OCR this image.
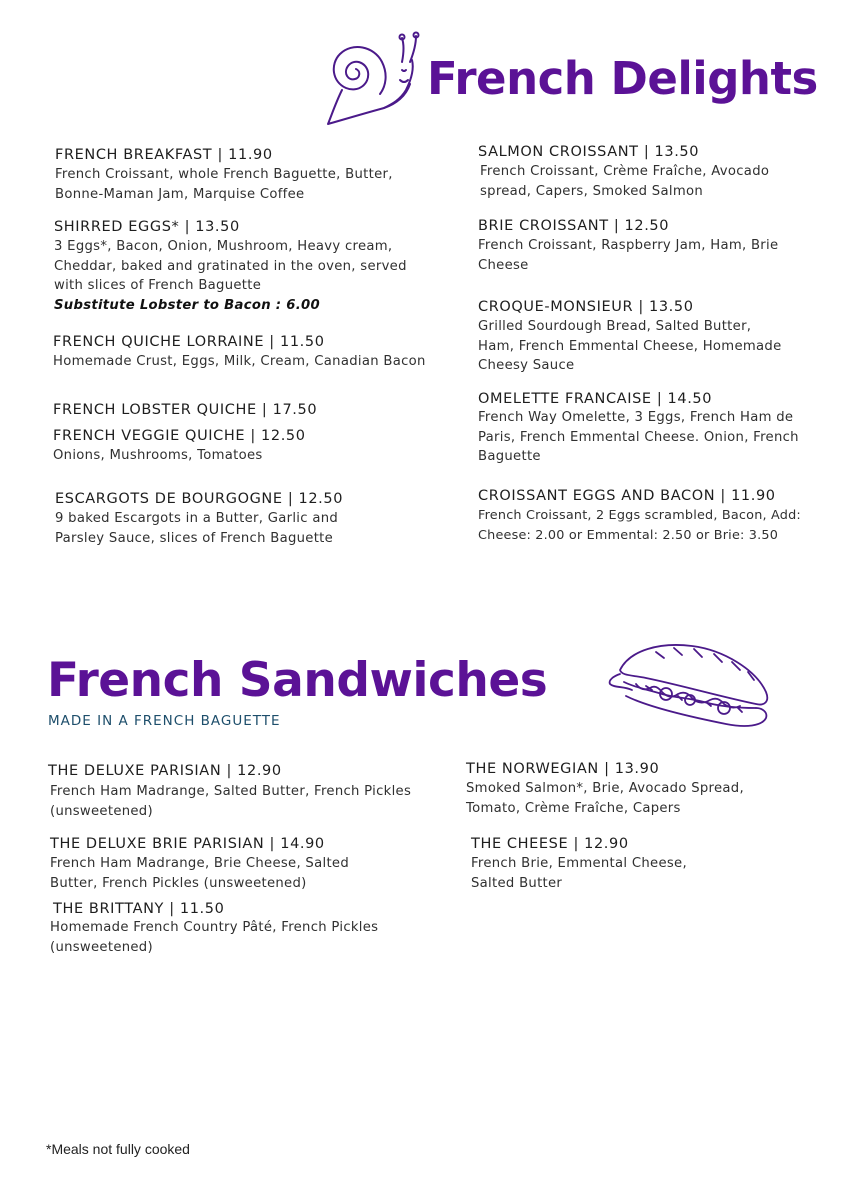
French Delights
FRENCH BREAKFAST | 11.90
French Croissant, whole French Baguette, Butter, Bonne-Maman Jam, Marquise Coffee
SHIRRED EGGS* | 13.50
3 Eggs*, Bacon, Onion, Mushroom, Heavy cream, Cheddar, baked and gratinated in the oven, served with slices of French Baguette
Substitute Lobster to Bacon : 6.00
FRENCH QUICHE LORRAINE | 11.50
Homemade Crust, Eggs, Milk, Cream, Canadian Bacon
FRENCH LOBSTER QUICHE | 17.50
FRENCH VEGGIE QUICHE | 12.50
Onions, Mushrooms, Tomatoes
ESCARGOTS DE BOURGOGNE | 12.50
9 baked Escargots in a Butter, Garlic and Parsley Sauce, slices of French Baguette
SALMON CROISSANT | 13.50
French Croissant, Crème Fraîche, Avocado spread, Capers, Smoked Salmon
BRIE CROISSANT | 12.50
French Croissant, Raspberry Jam, Ham, Brie Cheese
CROQUE-MONSIEUR | 13.50
Grilled Sourdough Bread, Salted Butter, Ham, French Emmental Cheese, Homemade Cheesy Sauce
OMELETTE FRANCAISE | 14.50
French Way Omelette, 3 Eggs, French Ham de Paris, French Emmental Cheese. Onion, French Baguette
CROISSANT EGGS AND BACON | 11.90
French Croissant, 2 Eggs scrambled, Bacon, Add: Cheese: 2.00 or Emmental: 2.50 or Brie: 3.50
French Sandwiches
MADE IN A FRENCH BAGUETTE
THE DELUXE PARISIAN | 12.90
French Ham Madrange, Salted Butter, French Pickles (unsweetened)
THE DELUXE BRIE PARISIAN | 14.90
French Ham Madrange, Brie Cheese, Salted Butter, French Pickles (unsweetened)
THE BRITTANY | 11.50
Homemade French Country Pâté, French Pickles (unsweetened)
THE NORWEGIAN | 13.90
Smoked Salmon*, Brie, Avocado Spread, Tomato, Crème Fraîche, Capers
THE CHEESE | 12.90
French Brie, Emmental Cheese, Salted Butter
*Meals not fully cooked
